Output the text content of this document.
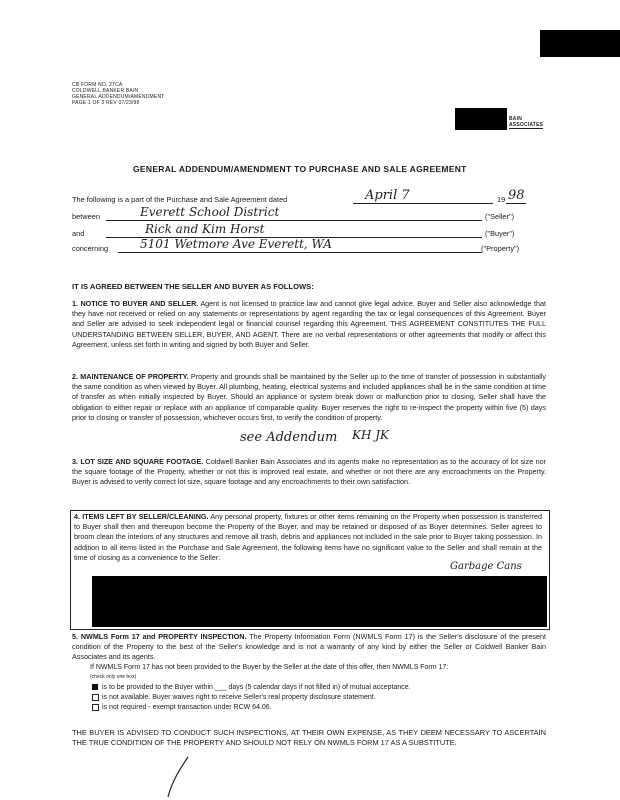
CB FORM NO. 27CA
COLDWELL BANKER BAIN
GENERAL ADDENDUM/AMENDMENT
PAGE 1 OF 3 REV 07/23/98
BAIN
ASSOCIATES
GENERAL ADDENDUM/AMENDMENT TO PURCHASE AND SALE AGREEMENT
The following is a part of the Purchase and Sale Agreement dated	April 7	19 98
between	Everett School District	("Seller")
and	Rick and Kim Horst	("Buyer")
concerning	5101 Wetmore Ave Everett, WA	("Property")
IT IS AGREED BETWEEN THE SELLER AND BUYER AS FOLLOWS:
1. NOTICE TO BUYER AND SELLER. Agent is not licensed to practice law and cannot give legal advice. Buyer and Seller also acknowledge that they have not received or relied on any statements or representations by agent regarding the tax or legal consequences of this Agreement. Buyer and Seller are advised to seek independent legal or financial counsel regarding this Agreement. THIS AGREEMENT CONSTITUTES THE FULL UNDERSTANDING BETWEEN SELLER, BUYER, AND AGENT. There are no verbal representations or other agreements that modify or affect this Agreement, unless set forth in writing and signed by both Buyer and Seller.
2. MAINTENANCE OF PROPERTY. Property and grounds shall be maintained by the Seller up to the time of transfer of possession in substantially the same condition as when viewed by Buyer. All plumbing, heating, electrical systems and included appliances shall be in the same condition at time of transfer as when initially inspected by Buyer. Should an appliance or system break down or malfunction prior to closing, Seller shall have the obligation to either repair or replace with an appliance of comparable quality. Buyer reserves the right to re-inspect the property within five (5) days prior to closing or transfer of possession, whichever occurs first, to verify the condition of property.
see Addendum KH JK
3. LOT SIZE AND SQUARE FOOTAGE. Coldwell Banker Bain Associates and its agents make no representation as to the accuracy of lot size nor the square footage of the Property, whether or not this is improved real estate, and whether or not there are any encroachments on the Property. Buyer is advised to verify correct lot size, square footage and any encroachments to their own satisfaction.
4. ITEMS LEFT BY SELLER/CLEANING. Any personal property, fixtures or other items remaining on the Property when possession is transferred to Buyer shall then and thereupon become the Property of the Buyer, and may be retained or disposed of as Buyer determines. Seller agrees to broom clean the interiors of any structures and remove all trash, debris and appliances not included in the sale prior to Buyer taking possession. In addition to all items listed in the Purchase and Sale Agreement, the following items have no significant value to the Seller and shall remain at the time of closing as a convenience to the Seller:
Garbage Cans
5. NWMLS Form 17 and PROPERTY INSPECTION. The Property Information Form (NWMLS Form 17) is the Seller's disclosure of the present condition of the Property to the best of the Seller's knowledge and is not a warranty of any kind by either the Seller or Coldwell Banker Bain Associates and its agents.
If NWMLS Form 17 has not been provided to the Buyer by the Seller at the date of this offer, then NWMLS Form 17:
(check only one box)
is to be provided to the Buyer within ___ days (5 calendar days if not filled in) of mutual acceptance.
is not available. Buyer waives right to receive Seller's real property disclosure statement.
is not required - exempt transaction under RCW 64.06.
THE BUYER IS ADVISED TO CONDUCT SUCH INSPECTIONS, AT THEIR OWN EXPENSE, AS THEY DEEM NECESSARY TO ASCERTAIN THE TRUE CONDITION OF THE PROPERTY AND SHOULD NOT RELY ON NWMLS FORM 17 AS A SUBSTITUTE.
